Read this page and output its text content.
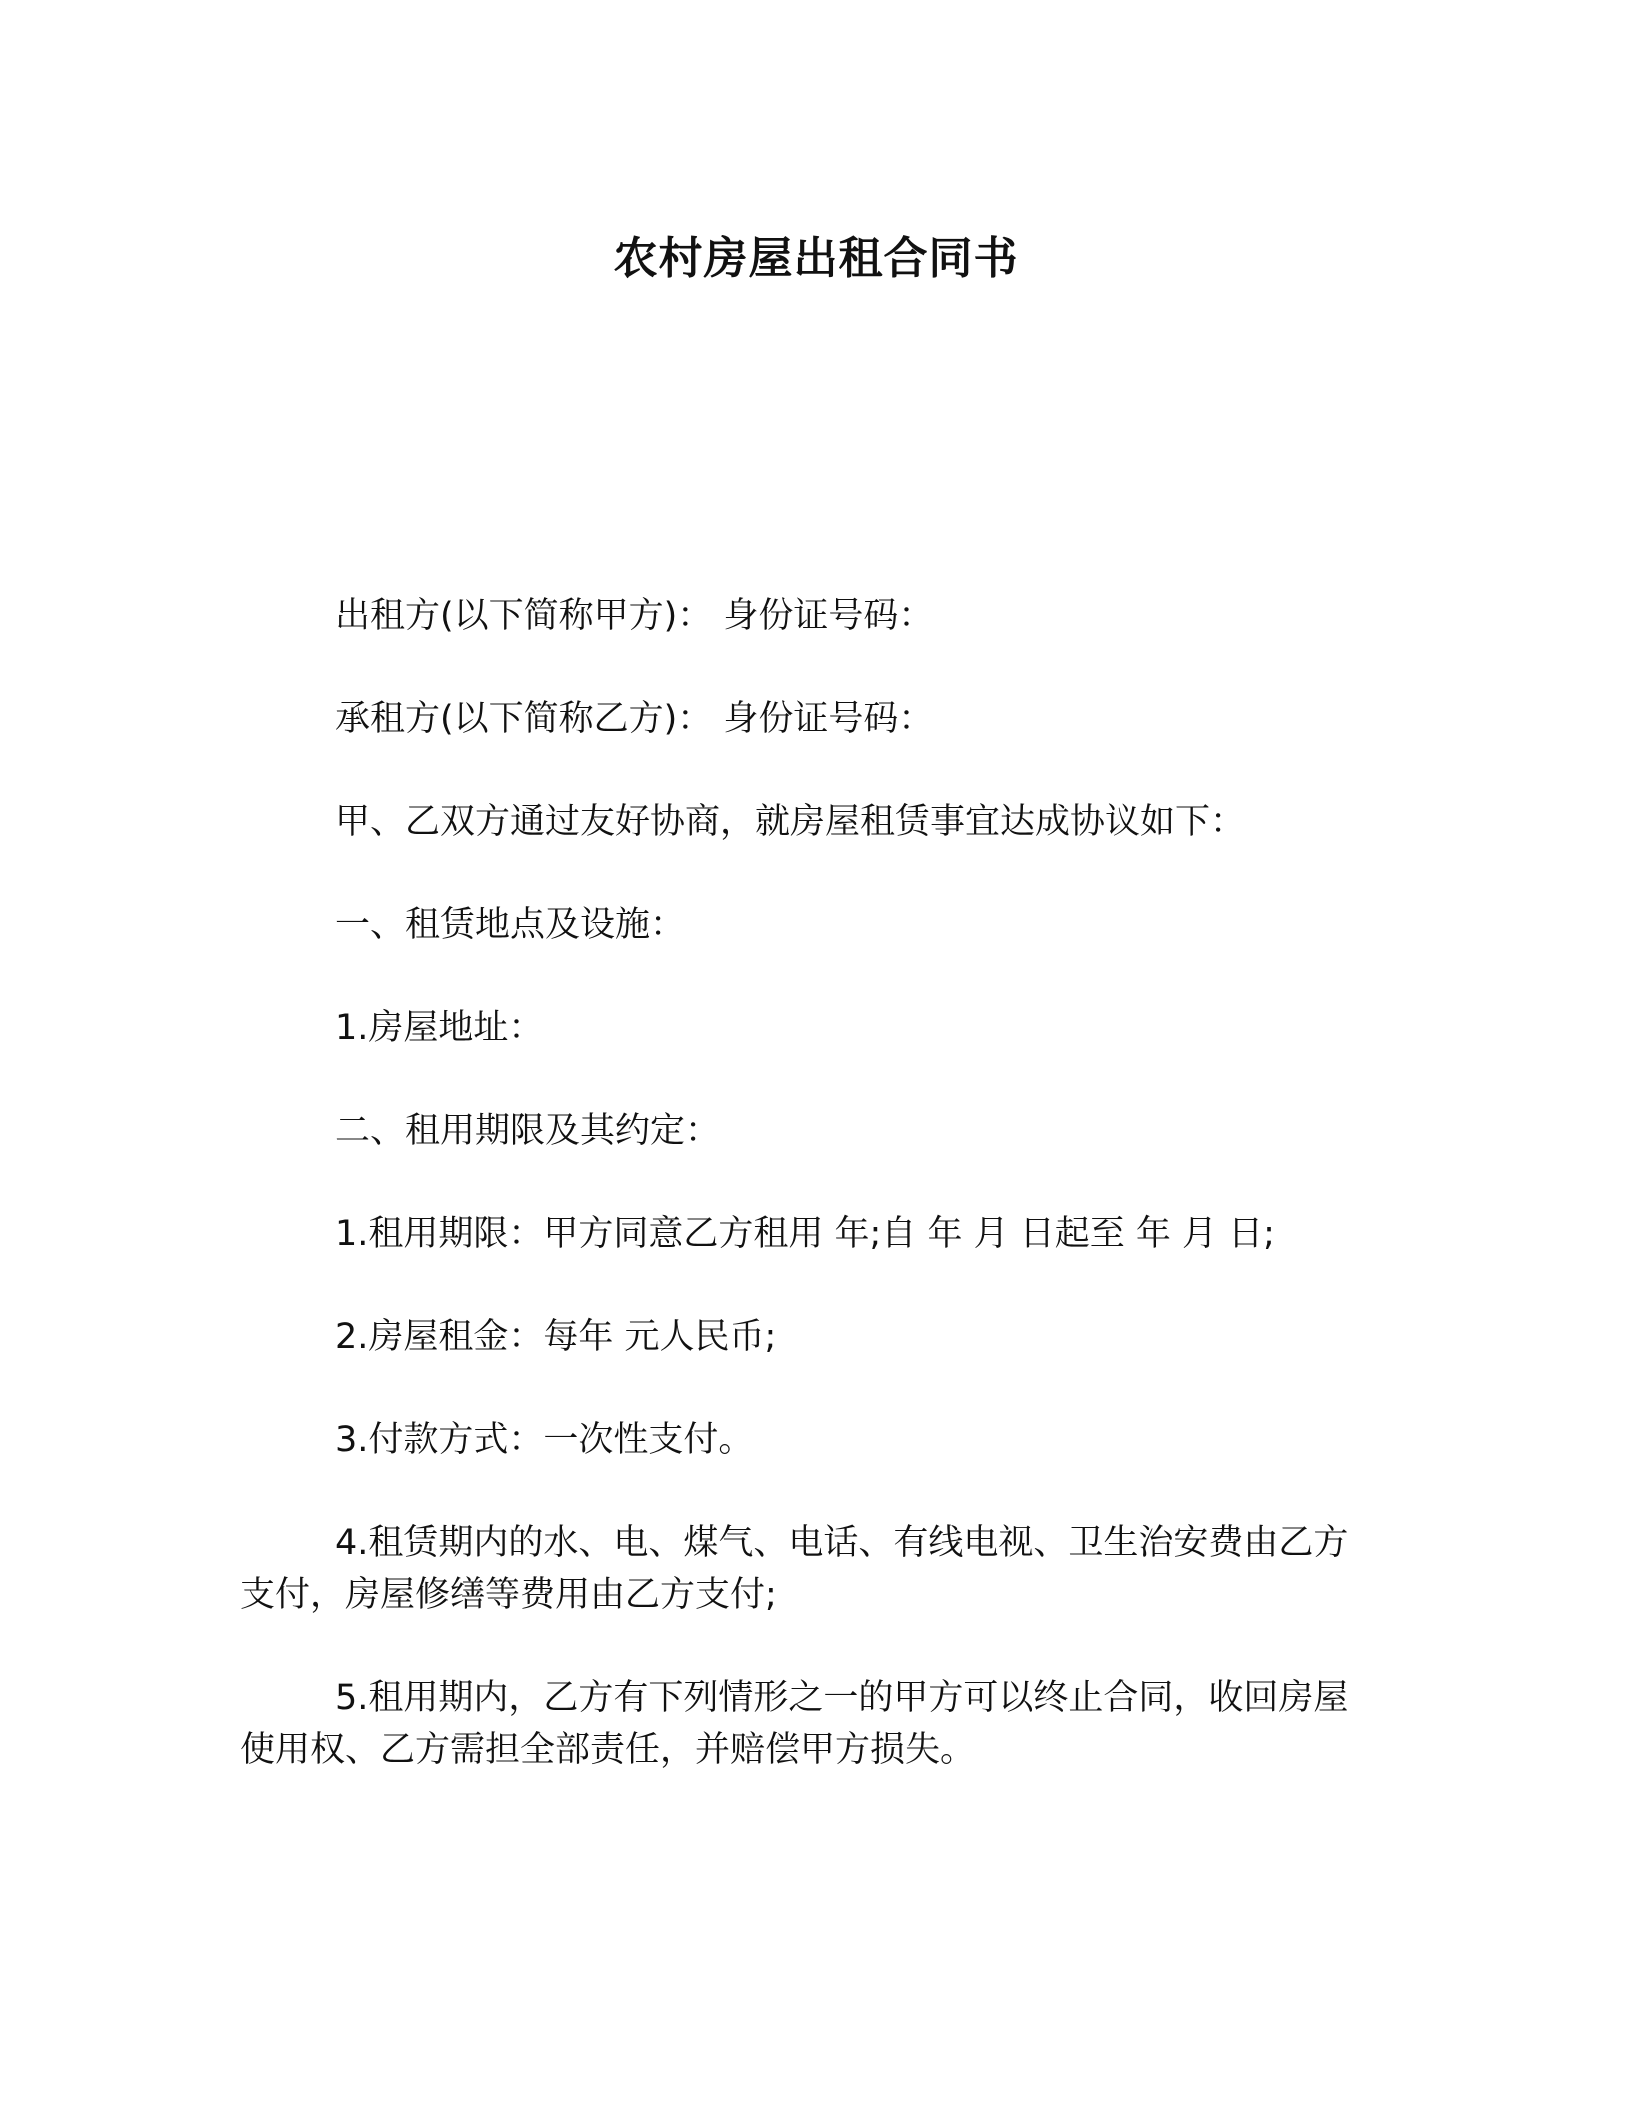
农村房屋出租合同书

出租方(以下简称甲方)： 身份证号码：

承租方(以下简称乙方)： 身份证号码：

甲、乙双方通过友好协商，就房屋租赁事宜达成协议如下：

一、租赁地点及设施：

1.房屋地址：

二、租用期限及其约定：

1.租用期限：甲方同意乙方租用 年;自 年 月 日起至 年 月 日;

2.房屋租金：每年 元人民币;

3.付款方式：一次性支付。

4.租赁期内的水、电、煤气、电话、有线电视、卫生治安费由乙方支付，房屋修缮等费用由乙方支付;

5.租用期内，乙方有下列情形之一的甲方可以终止合同，收回房屋使用权、乙方需担全部责任，并赔偿甲方损失。
